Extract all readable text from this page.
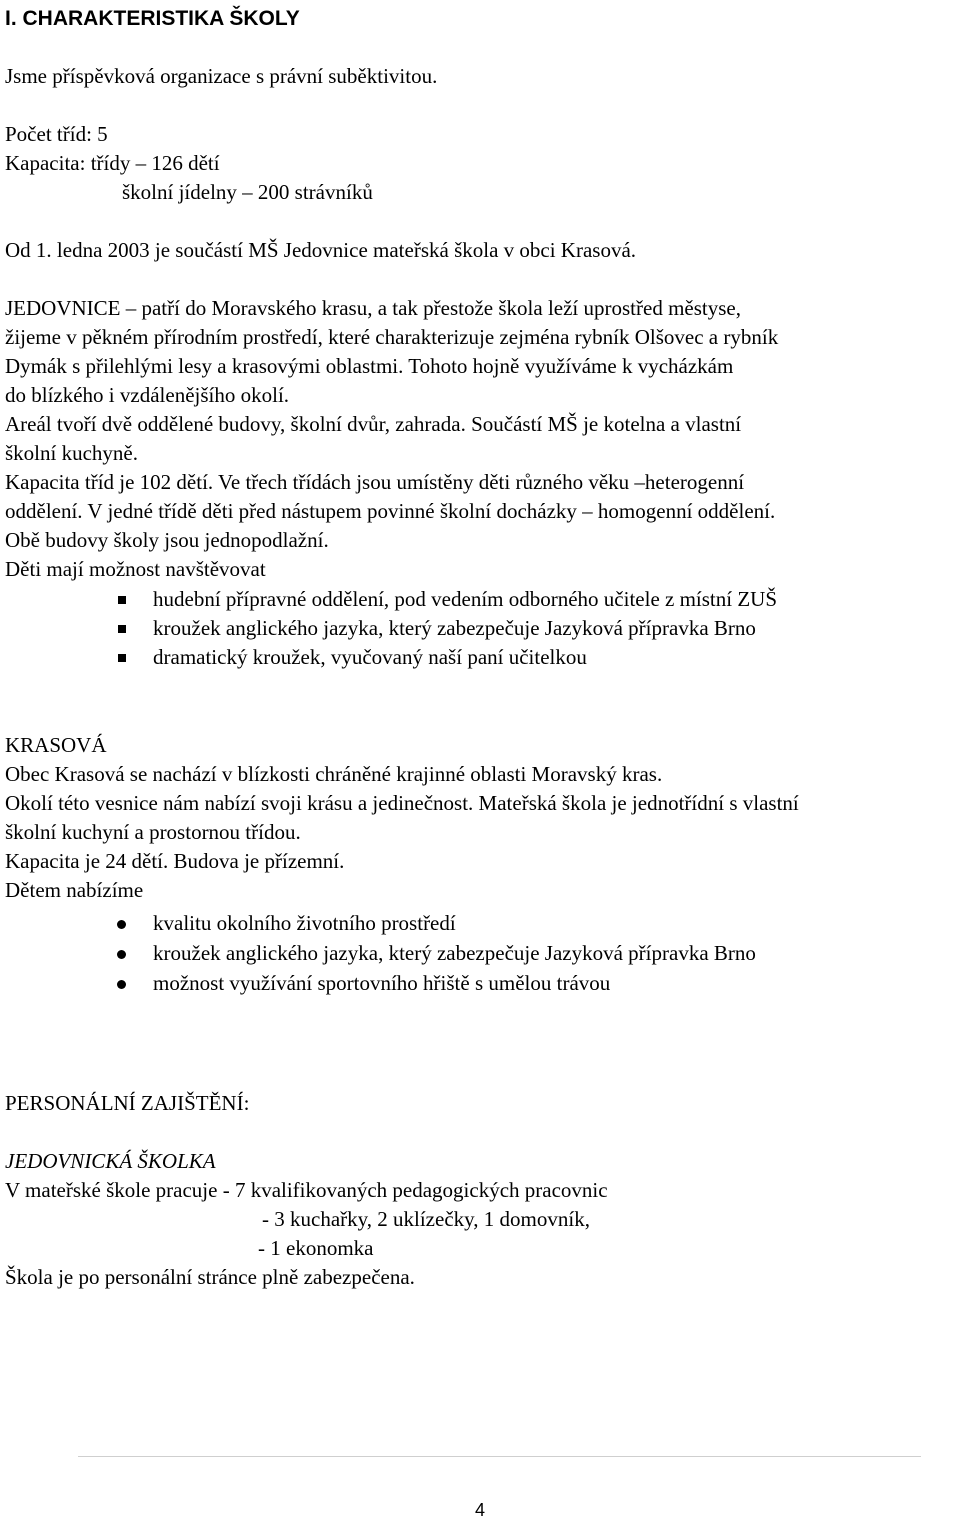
I. CHARAKTERISTIKA ŠKOLY
Jsme příspěvková organizace s právní suběktivitou.
Počet tříd: 5
Kapacita: třídy – 126 dětí
školní jídelny – 200 strávníků
Od 1. ledna 2003 je součástí MŠ Jedovnice mateřská škola v obci Krasová.
JEDOVNICE – patří do Moravského krasu, a tak přestože škola leží uprostřed městyse,
žijeme v pěkném přírodním prostředí, které charakterizuje zejména rybník Olšovec a rybník
Dymák s přilehlými lesy a krasovými oblastmi. Tohoto hojně využíváme k vycházkám
do blízkého i vzdálenějšího okolí.
Areál tvoří dvě oddělené budovy, školní dvůr, zahrada. Součástí MŠ je kotelna a vlastní
školní kuchyně.
Kapacita tříd je 102 dětí. Ve třech třídách jsou umístěny děti různého věku –heterogenní
oddělení. V jedné třídě děti před nástupem povinné školní docházky – homogenní oddělení.
Obě budovy školy jsou jednopodlažní.
Děti mají možnost navštěvovat
hudební přípravné oddělení, pod vedením odborného učitele z místní ZUŠ
kroužek anglického jazyka, který zabezpečuje Jazyková přípravka Brno
dramatický kroužek, vyučovaný naší paní učitelkou
KRASOVÁ
Obec Krasová se nachází v blízkosti chráněné krajinné oblasti Moravský kras.
Okolí této vesnice nám nabízí svoji krásu a jedinečnost. Mateřská škola je jednotřídní s vlastní
školní kuchyní a prostornou třídou.
Kapacita je 24 dětí. Budova je přízemní.
Dětem nabízíme
kvalitu okolního životního prostředí
kroužek anglického jazyka, který zabezpečuje Jazyková přípravka Brno
možnost využívání sportovního hřiště s umělou trávou
PERSONÁLNÍ ZAJIŠTĚNÍ:
JEDOVNICKÁ ŠKOLKA
V mateřské škole pracuje - 7 kvalifikovaných pedagogických pracovnic
- 3 kuchařky, 2 uklízečky, 1 domovník,
- 1 ekonomka
Škola je po personální stránce plně zabezpečena.
4
